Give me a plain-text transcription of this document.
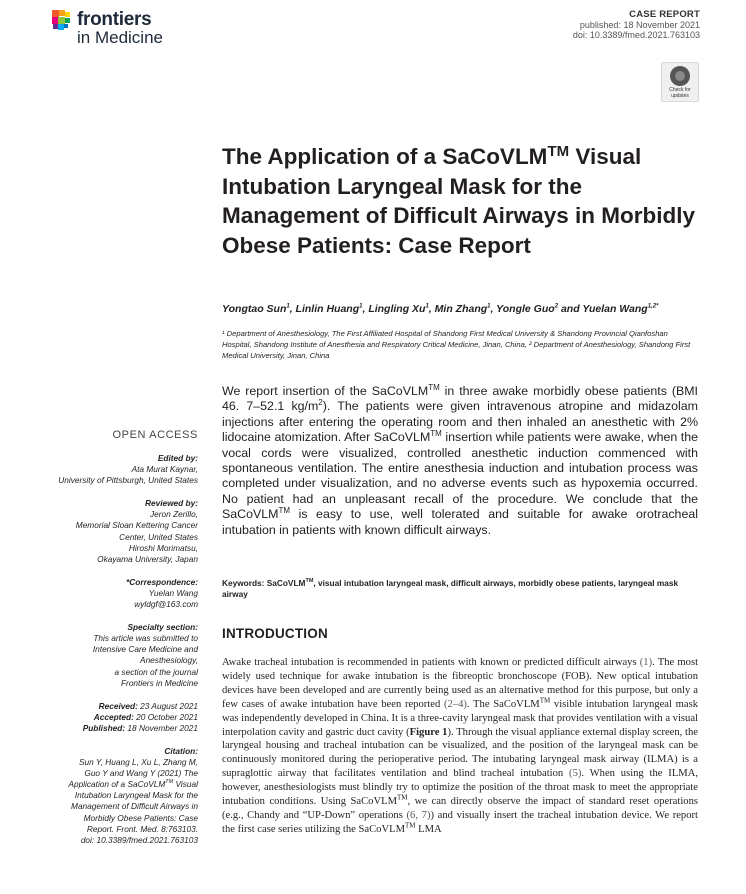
frontiers
in Medicine
CASE REPORT
published: 18 November 2021
doi: 10.3389/fmed.2021.763103
Check for updates
The Application of a SaCoVLM™ Visual Intubation Laryngeal Mask for the Management of Difficult Airways in Morbidly Obese Patients: Case Report
Yongtao Sun$^1$, Linlin Huang$^1$, Lingling Xu$^1$, Min Zhang$^1$, Yongle Guo$^2$ and Yuelan Wang$^{1,2*}$
¹ Department of Anesthesiology, The First Affiliated Hospital of Shandong First Medical University & Shandong Provincial Qianfoshan Hospital, Shandong Institute of Anesthesia and Respiratory Critical Medicine, Jinan, China, ² Department of Anesthesiology, Shandong First Medical University, Jinan, China
We report insertion of the SaCoVLM™ in three awake morbidly obese patients (BMI 46. 7–52.1 $kg/m^2$). The patients were given intravenous atropine and midazolam injections after entering the operating room and then inhaled an anesthetic with 2% lidocaine atomization. After SaCoVLM™ insertion while patients were awake, when the vocal cords were visualized, controlled anesthetic induction commenced with spontaneous ventilation. The entire anesthesia induction and intubation process was completed under visualization, and no adverse events such as hypoxemia occurred. No patient had an unpleasant recall of the procedure. We conclude that the SaCoVLM™ is easy to use, well tolerated and suitable for awake orotracheal intubation in patients with known difficult airways.
Keywords: SaCoVLM™, visual intubation laryngeal mask, difficult airways, morbidly obese patients, laryngeal mask airway
INTRODUCTION
Awake tracheal intubation is recommended in patients with known or predicted difficult airways (1). The most widely used technique for awake intubation is the fibreoptic bronchoscope (FOB). New optical intubation devices have been developed and are currently being used as an alternative method for this purpose, but only a few cases of awake intubation have been reported (2–4). The SaCoVLM™ visible intubation laryngeal mask was independently developed in China. It is a three-cavity laryngeal mask that provides ventilation with a visual interpolation cavity and gastric duct cavity (Figure 1). Through the visual appliance external display screen, the laryngeal housing and tracheal intubation can be visualized, and the position of the laryngeal mask can be continuously monitored during the perioperative period. The intubating laryngeal mask airway (ILMA) is a supraglottic airway that facilitates ventilation and blind tracheal intubation (5). When using the ILMA, however, anesthesiologists must blindly try to optimize the position of the throat mask to meet the appropriate intubation conditions. Using SaCoVLM™, we can directly observe the impact of standard reset operations (e.g., Chandy and “UP-Down” operations (6, 7)) and visually insert the tracheal intubation device. We report the first case series utilizing the SaCoVLM™ LMA
OPEN ACCESS
Edited by:
Ata Murat Kaynar,
University of Pittsburgh, United States
Reviewed by:
Jeron Zerillo,
Memorial Sloan Kettering Cancer
Center, United States
Hiroshi Morimatsu,
Okayama University, Japan
*Correspondence:
Yuelan Wang
wyldgf@163.com
Specialty section:
This article was submitted to
Intensive Care Medicine and
Anesthesiology,
a section of the journal
Frontiers in Medicine
Received: 23 August 2021
Accepted: 20 October 2021
Published: 18 November 2021
Citation:
Sun Y, Huang L, Xu L, Zhang M,
Guo Y and Wang Y (2021) The
Application of a SaCoVLM™ Visual
Intubation Laryngeal Mask for the
Management of Difficult Airways in
Morbidly Obese Patients: Case
Report. Front. Med. 8:763103.
doi: 10.3389/fmed.2021.763103
